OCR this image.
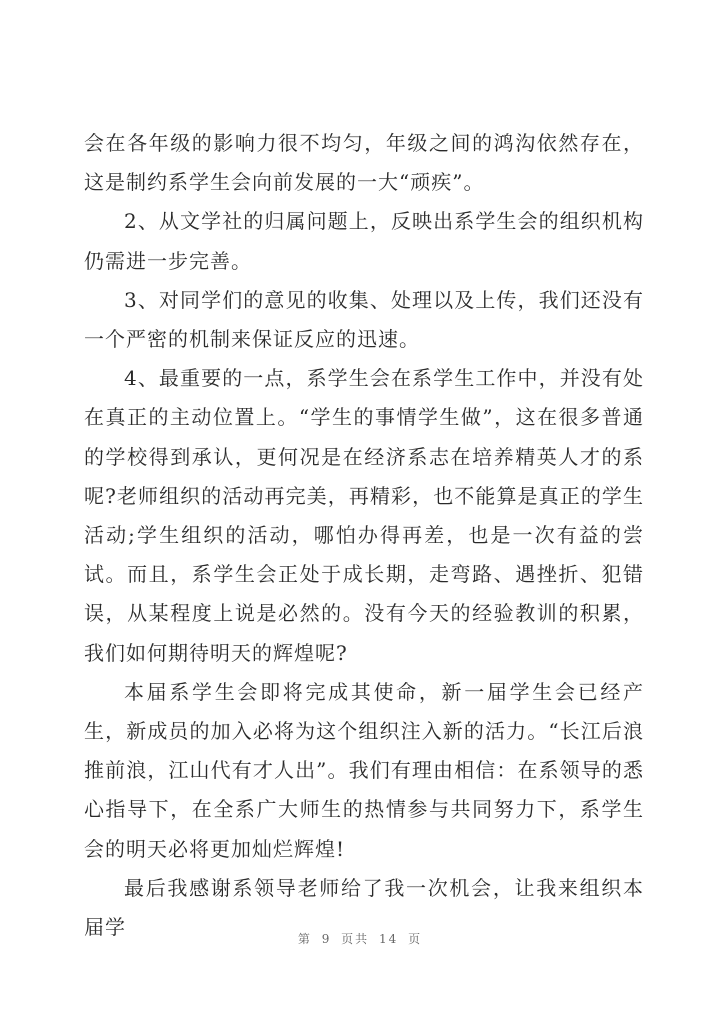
会在各年级的影响力很不均匀，年级之间的鸿沟依然存在，这是制约系学生会向前发展的一大“顽疾”。

2、从文学社的归属问题上，反映出系学生会的组织机构仍需进一步完善。

3、对同学们的意见的收集、处理以及上传，我们还没有一个严密的机制来保证反应的迅速。

4、最重要的一点，系学生会在系学生工作中，并没有处在真正的主动位置上。“学生的事情学生做”，这在很多普通的学校得到承认，更何况是在经济系志在培养精英人才的系呢?老师组织的活动再完美，再精彩，也不能算是真正的学生活动;学生组织的活动，哪怕办得再差，也是一次有益的尝试。而且，系学生会正处于成长期，走弯路、遇挫折、犯错误，从某程度上说是必然的。没有今天的经验教训的积累，我们如何期待明天的辉煌呢?

本届系学生会即将完成其使命，新一届学生会已经产生，新成员的加入必将为这个组织注入新的活力。“长江后浪推前浪，江山代有才人出”。我们有理由相信：在系领导的悉心指导下，在全系广大师生的热情参与共同努力下，系学生会的明天必将更加灿烂辉煌!

最后我感谢系领导老师给了我一次机会，让我来组织本届学	第 9 页共 14 页
